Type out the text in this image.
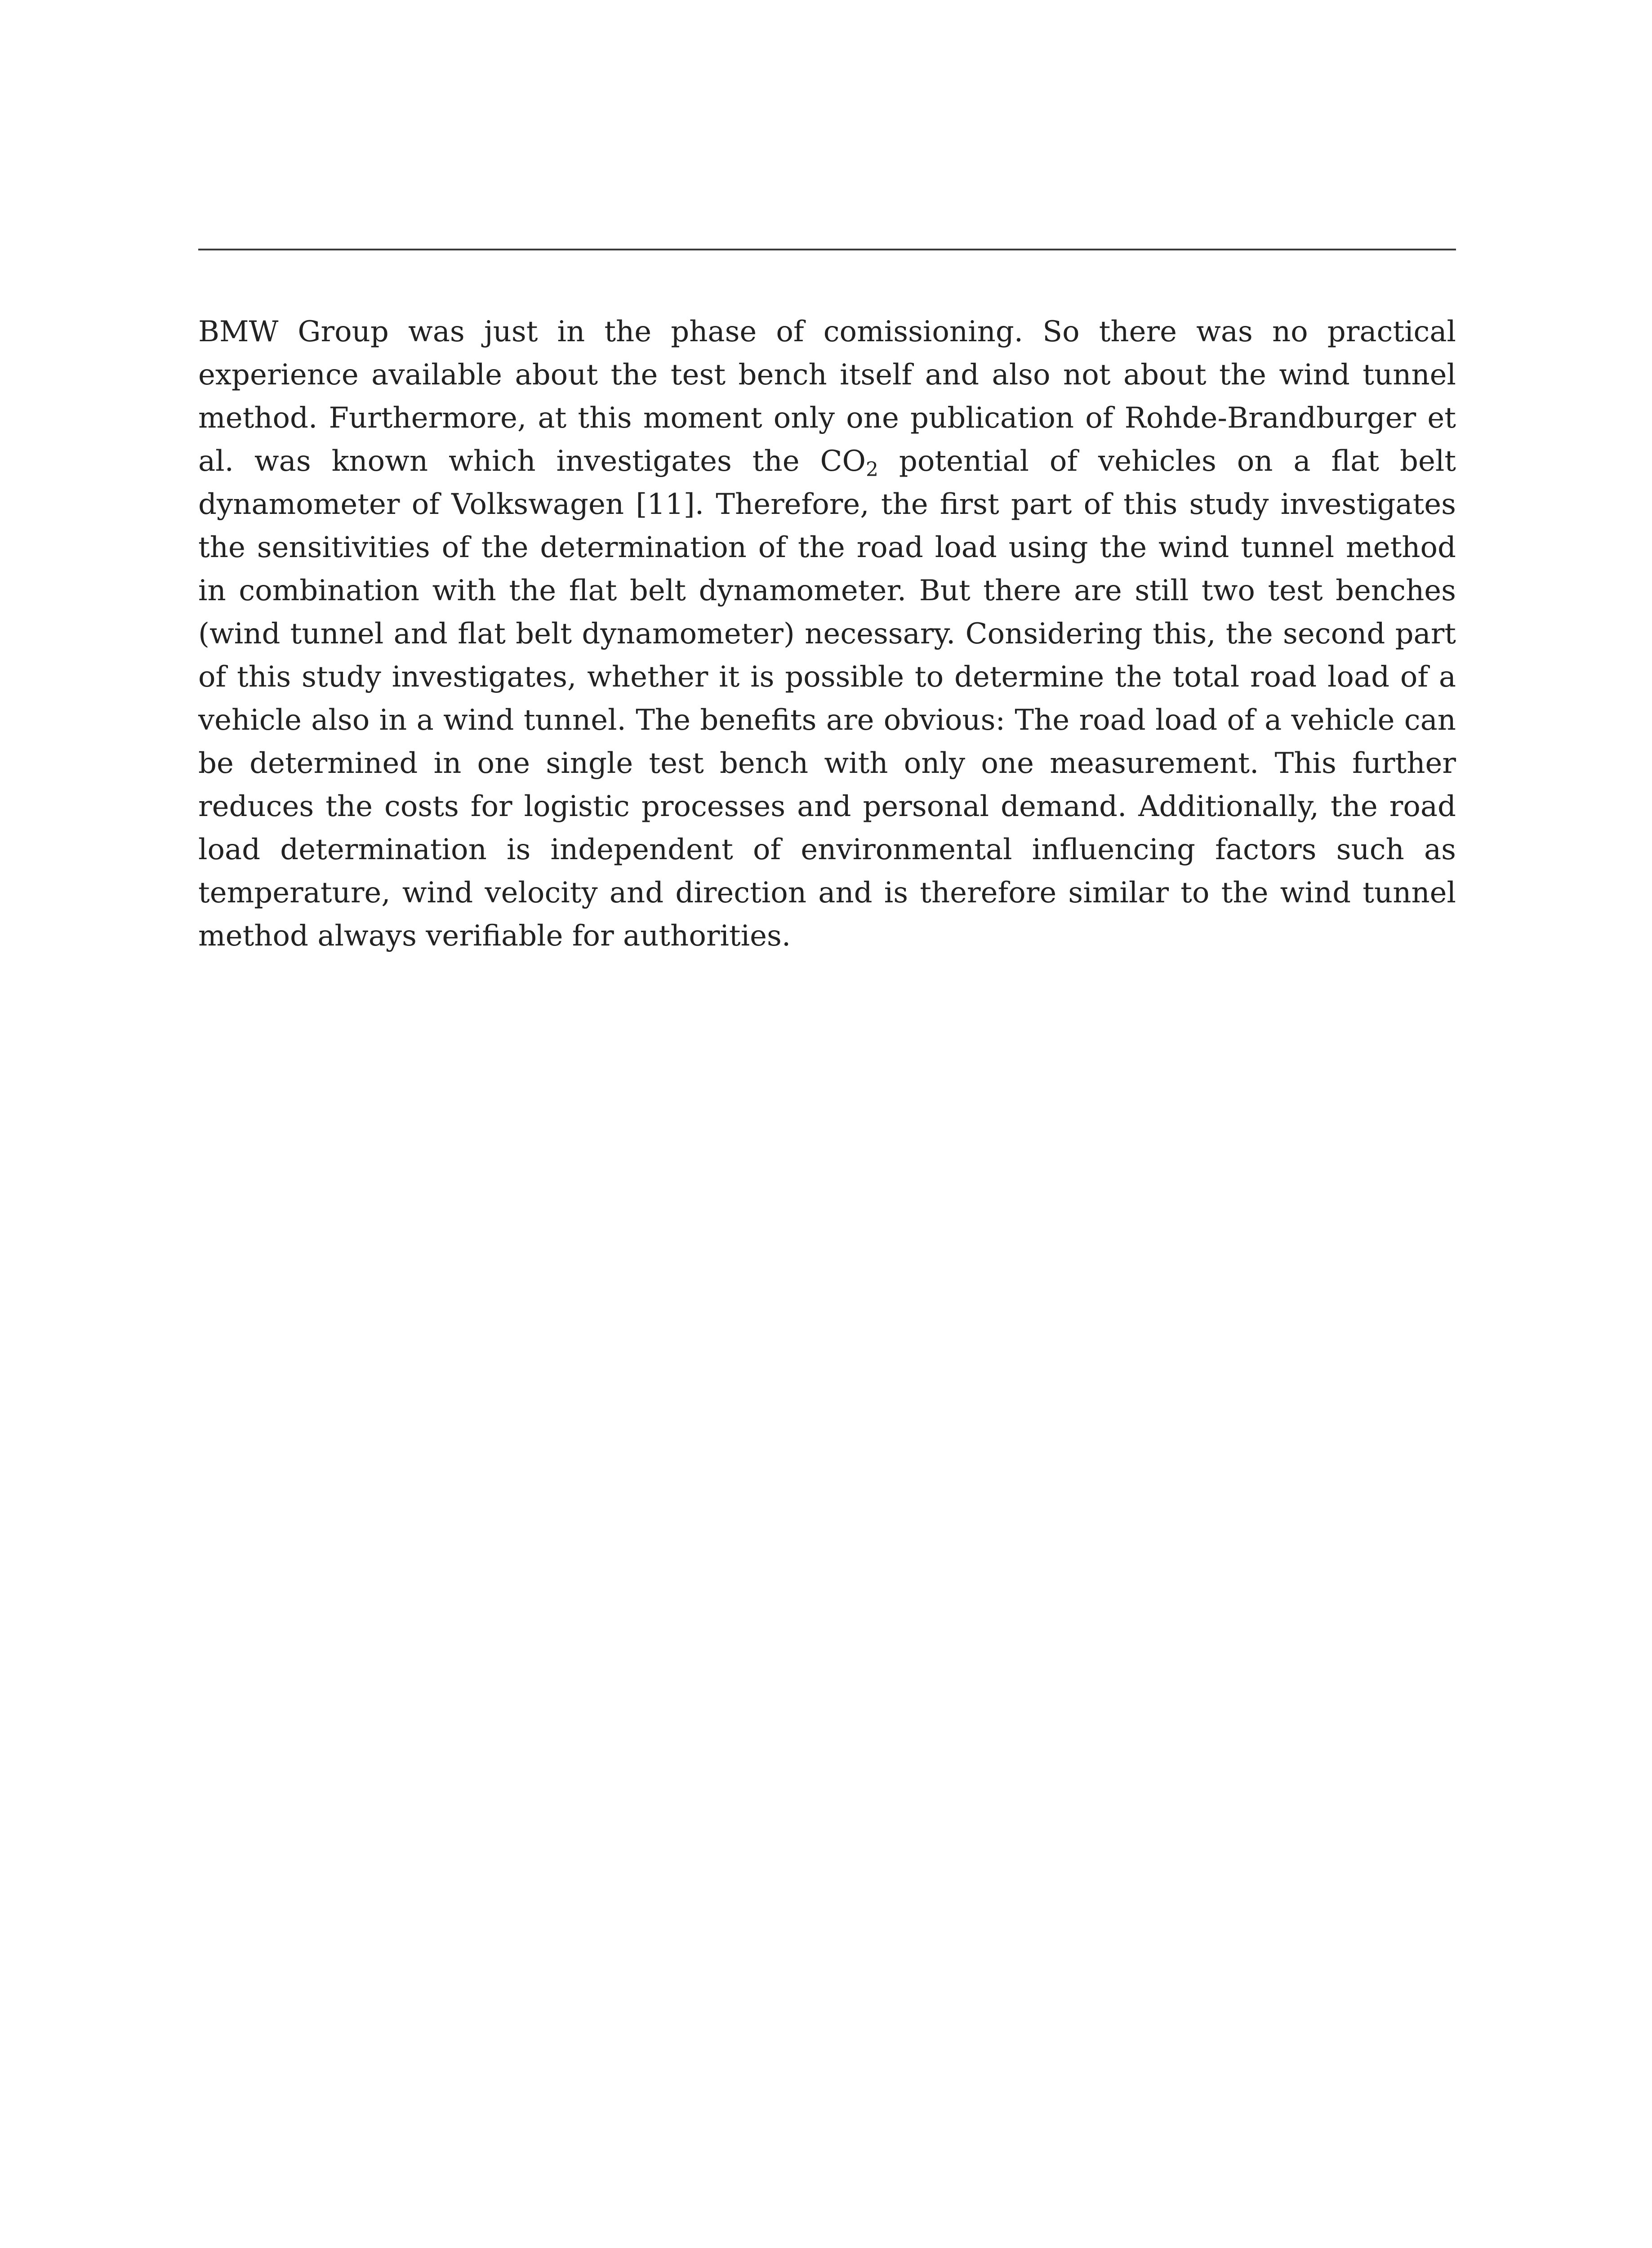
BMW Group was just in the phase of comissioning. So there was no practical experience available about the test bench itself and also not about the wind tunnel method. Furthermore, at this moment only one publication of Rohde-Brandburger et al. was known which investigates the $CO_2$ potential of vehicles on a flat belt dynamometer of Volkswagen [11]. Therefore, the first part of this study investigates the sensitivities of the determination of the road load using the wind tunnel method in combination with the flat belt dynamometer. But there are still two test benches (wind tunnel and flat belt dynamometer) necessary. Considering this, the second part of this study investigates, whether it is possible to determine the total road load of a vehicle also in a wind tunnel. The benefits are obvious: The road load of a vehicle can be determined in one single test bench with only one measurement. This further reduces the costs for logistic processes and personal demand. Additionally, the road load determination is independent of environmental influencing factors such as temperature, wind velocity and direction and is therefore similar to the wind tunnel method always verifiable for authorities.
